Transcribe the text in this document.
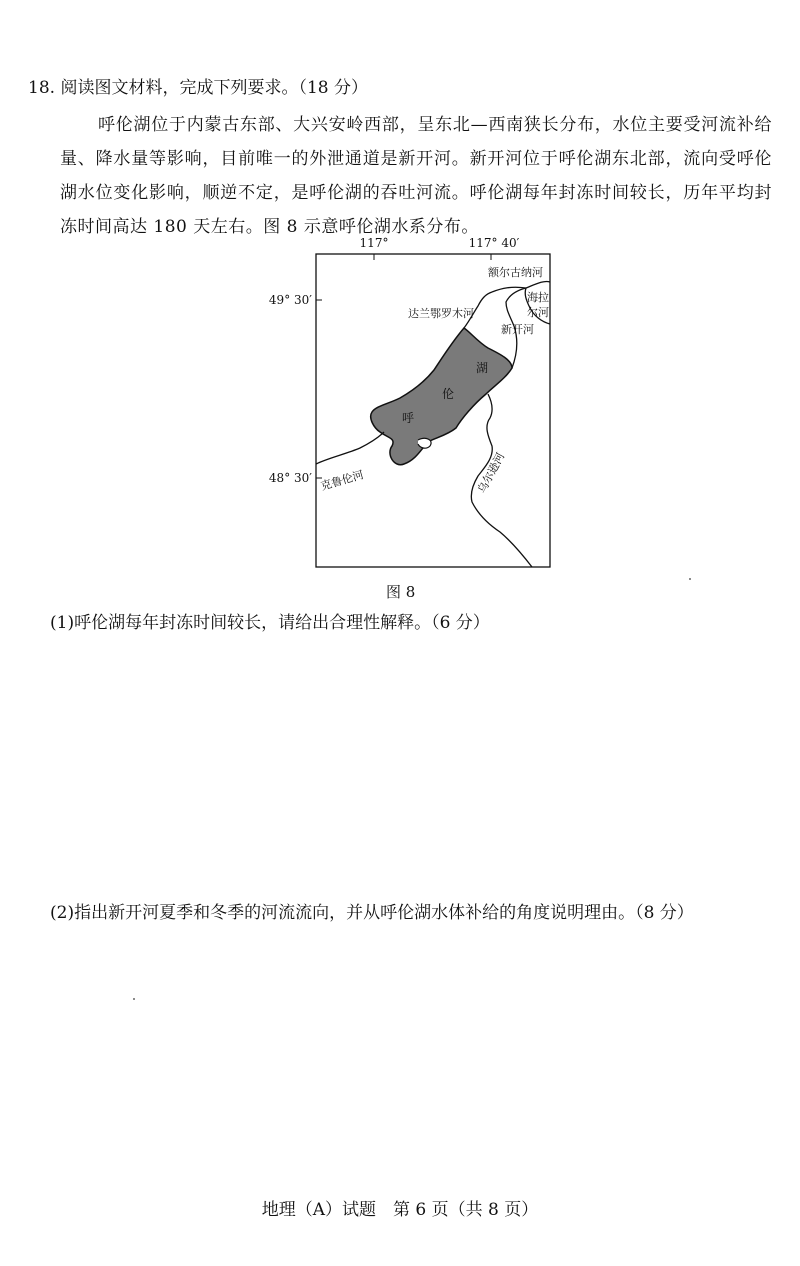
18. 阅读图文材料，完成下列要求。（18 分）
呼伦湖位于内蒙古东部、大兴安岭西部，呈东北—西南狭长分布，水位主要受河流补给量、降水量等影响，目前唯一的外泄通道是新开河。新开河位于呼伦湖东北部，流向受呼伦湖水位变化影响，顺逆不定，是呼伦湖的吞吐河流。呼伦湖每年封冻时间较长，历年平均封冻时间高达 180 天左右。图 8 示意呼伦湖水系分布。
117°	117° 40′
49° 30′
48° 30′
额尔古纳河
海拉
尔河
达兰鄂罗木河
新开河
克鲁伦河	乌尔逊河
湖
伦
呼
图 8
(1)呼伦湖每年封冻时间较长，请给出合理性解释。（6 分）
(2)指出新开河夏季和冬季的河流流向，并从呼伦湖水体补给的角度说明理由。（8 分）
地理（A）试题　第 6 页（共 8 页）
